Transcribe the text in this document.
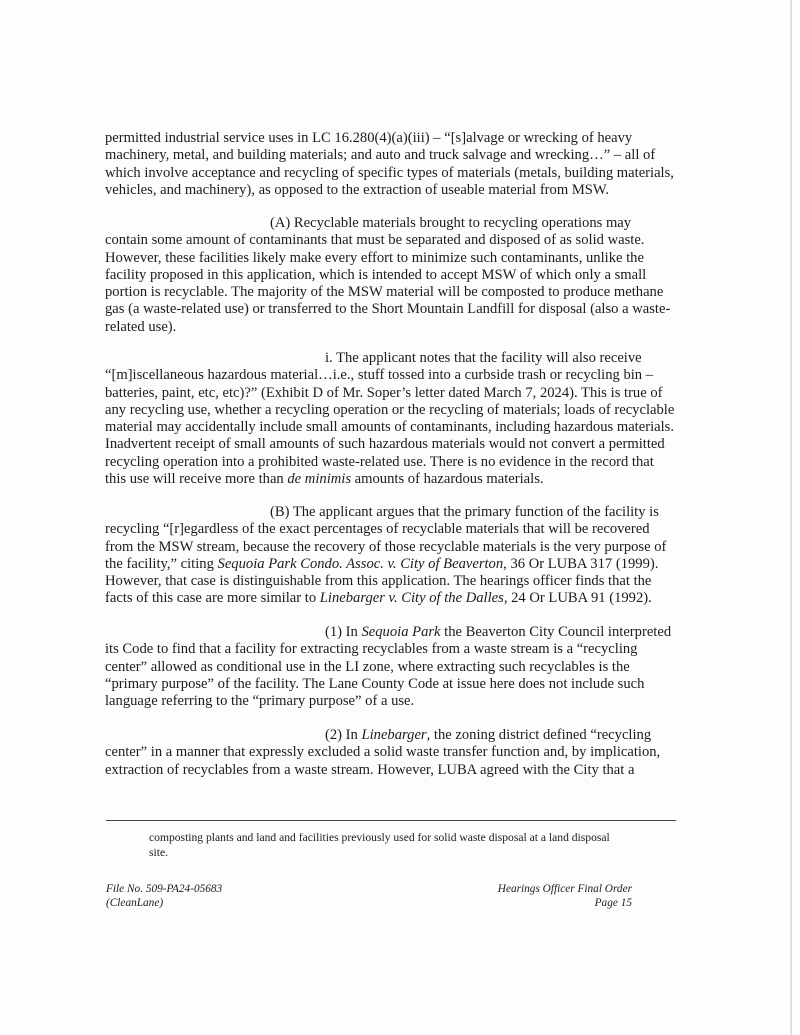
permitted industrial service uses in LC 16.280(4)(a)(iii) – “[s]alvage or wrecking of heavy machinery, metal, and building materials; and auto and truck salvage and wrecking…” – all of which involve acceptance and recycling of specific types of materials (metals, building materials, vehicles, and machinery), as opposed to the extraction of useable material from MSW.

(A) Recyclable materials brought to recycling operations may contain some amount of contaminants that must be separated and disposed of as solid waste. However, these facilities likely make every effort to minimize such contaminants, unlike the facility proposed in this application, which is intended to accept MSW of which only a small portion is recyclable. The majority of the MSW material will be composted to produce methane gas (a waste-related use) or transferred to the Short Mountain Landfill for disposal (also a waste-related use).

i. The applicant notes that the facility will also receive “[m]iscellaneous hazardous material…i.e., stuff tossed into a curbside trash or recycling bin – batteries, paint, etc, etc)?” (Exhibit D of Mr. Soper’s letter dated March 7, 2024). This is true of any recycling use, whether a recycling operation or the recycling of materials; loads of recyclable material may accidentally include small amounts of contaminants, including hazardous materials. Inadvertent receipt of small amounts of such hazardous materials would not convert a permitted recycling operation into a prohibited waste-related use. There is no evidence in the record that this use will receive more than de minimis amounts of hazardous materials.

(B) The applicant argues that the primary function of the facility is recycling “[r]egardless of the exact percentages of recyclable materials that will be recovered from the MSW stream, because the recovery of those recyclable materials is the very purpose of the facility,” citing Sequoia Park Condo. Assoc. v. City of Beaverton, 36 Or LUBA 317 (1999). However, that case is distinguishable from this application. The hearings officer finds that the facts of this case are more similar to Linebarger v. City of the Dalles, 24 Or LUBA 91 (1992).

(1) In Sequoia Park the Beaverton City Council interpreted its Code to find that a facility for extracting recyclables from a waste stream is a “recycling center” allowed as conditional use in the LI zone, where extracting such recyclables is the “primary purpose” of the facility. The Lane County Code at issue here does not include such language referring to the “primary purpose” of a use.

(2) In Linebarger, the zoning district defined “recycling center” in a manner that expressly excluded a solid waste transfer function and, by implication, extraction of recyclables from a waste stream. However, LUBA agreed with the City that a

composting plants and land and facilities previously used for solid waste disposal at a land disposal site.

File No. 509-PA24-05683
(CleanLane)
Hearings Officer Final Order
Page 15
